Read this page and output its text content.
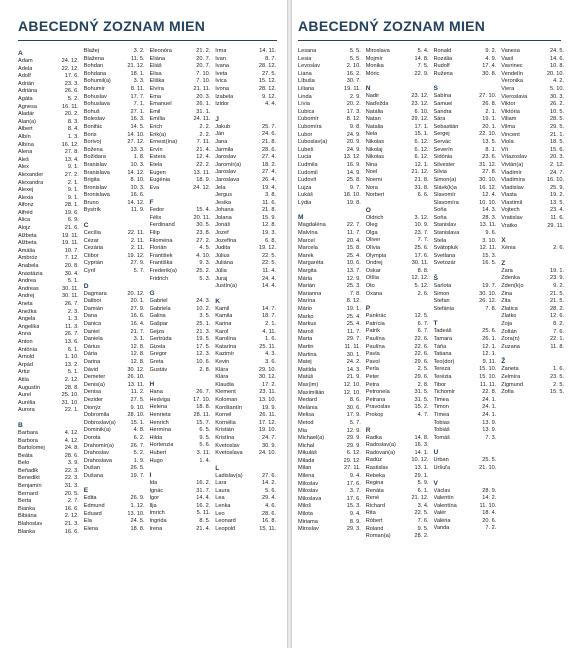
ABECEDNÝ ZOZNAM MIEN
A
Adam	24. 12.
Adela	22. 12.
Adolf	17. 6.
Adrián	23. 3.
Adriána	26. 6.
Agáta	5. 2.
Agnesa	16. 11.
Aladár	20. 2.
Alan(a)	8. 3.
Albert	8. 4.
Albín	1. 3.
Albína	16. 12.
Alena	27. 8.
Aleš	13. 4.
Alex	9. 1.
Alexander	27. 2.
Alexandra	2. 1.
Alexej	9. 1.
Alexia	9. 1.
Alfonz	28. 1.
Alfréd	19. 6.
Alica	6. 9.
Alojz	21. 6.
Alžbeta	19. 11.
Alžbeta	19. 11.
Amália	10. 7.
Ambróz	7. 12.
Anabela	20. 8.
Anastázia	30. 4.
Andrea	5. 1.
Andreas	30. 11.
Andrej	30. 11.
Aneta	26. 7.
Anežka	2. 3.
Angela	1. 3.
Angelika	11. 3.
Anna	26. 7.
Anton	13. 6.
Antónia	6. 1.
Arnold	1. 10.
Arpád	13. 2.
Artur	5. 1.
Atila	2. 12.
Augustín	28. 8.
Aurel	25. 10.
Aurélia	31. 10.
Aurora	22. 1.
B
Barbara	4. 12.
Barbora	4. 12.
Bartolomej	24. 8.
Beáta	28. 6.
Belo	3. 9.
Beňadik	22. 3.
Benedikt	22. 3.
Benjamín	31. 3.
Bernard	20. 5.
Berta	2. 7.
Bianka	16. 6.
Bibiána	2. 12.
Blahoslav	21. 3.
Blanka	16. 6.
Blažej	3. 2.
Blažena	11. 5.
Bohdan	21. 12.
Bohdana	18. 1.
Bohumil(a)	3. 3.
Bohumír	8. 11.
Bohuslav	17. 7.
Bohuslava	7. 1.
Bohuš	27. 1.
Boleslav	16. 3.
Bonifác	14. 5.
Boris	14. 10.
Borivoj	27. 12.
Božena	13. 3.
Božidara	1. 8.
Branislav	10. 3.
Branislava	14. 12.
Brigita	8. 10.
Bronislav	10. 3.
Bronislava	16. 6.
Bruno	14. 12.
Bystrík	11. 9.
C
Cecília	22. 11.
Cézar	2. 11.
Cezária	2. 11.
Ctibor	19. 12.
Cyprián	27. 9.
Cyril	5. 7.
D
Dagmara	20. 12.
Dalibor	20. 1.
Damián	27. 9.
Dana	16. 6.
Danica	16. 4.
Daniel	21. 7.
Daniela	3. 1.
Dárius	12. 8.
Dária	12. 8.
Darina	12. 8.
Dávid	30. 12.
Demeter	26. 10.
Denis(a)	13. 11.
Denisa	11. 2.
Dezider	27. 5.
Dionýz	9. 10.
Dobromila	28. 10.
Dobroslav(a)	15. 1.
Dominik(a)	4. 8.
Dorota	6. 2.
Drahomír(a)	26. 7.
Drahoslav	5. 2.
Drahoslava	1. 9.
Dušan	26. 5.
Dušana	19. 7.
E
Edita	26. 9.
Edmund	1. 12.
Eduard	13. 10.
Ela	24. 5.
Elena	18. 8.
Eleonóra	21. 2.
Eliána	20. 7.
Eliáš	20. 7.
Elisa	7. 10.
Eliška	7. 10.
Elvíra	21. 11.
Ema	20. 3.
Emanuel	26. 1.
Emil	31. 1.
Emília	24. 11.
Erich	2. 2.
Erik(a)	2. 2.
Ernest(ína)	7. 11.
Ervín	21. 4.
Estera	12. 4.
Etela	22. 2.
Eugen	13. 11.
Eugénia	18. 9.
Eva	24. 12.
F
Fedor	15. 4.
Félix	20. 11.
Ferdinand	30. 5.
Filip	23. 8.
Filoména	27. 2.
Florián	4. 5.
František	4. 10.
Františka	9. 3.
Frederik(a)	25. 2.
Fridrich	5. 3.
G
Gabriel	24. 3.
Gabriela	10. 2.
Galina	3. 5.
Gašpar	25. 1.
Gejza	21. 3.
Gertrúda	19. 5.
Gizela	17. 5.
Gregor	12. 3.
Greta	10. 6.
Gustáv	2. 8.
H
Hana	26. 7.
Hedviga	17. 10.
Helena	18. 8.
Henrieta	28. 11.
Henrich	15. 7.
Hermína	6. 5.
Hilda	9. 5.
Hortenzia	5. 6.
Hubert	3. 11.
Hugo	1. 4.
I
Ida	16. 2.
Ignác	31. 7.
Igor	14. 4.
Ilja	16. 2.
Imrich	5. 11.
Ingrida	8. 5.
Irena	21. 4.
Irma	14. 11.
Ivan	8. 7.
Ivana	28. 12.
Iveta	27. 5.
Ivica	15. 12.
Ivona	28. 12.
Izabela	9. 12.
Izidor	4. 4.
J
Jakub	25. 7.
Ján	24. 6.
Jana	21. 8.
Jarmila	28. 6.
Jaroslav	27. 4.
Jaromír(a)	18. 2.
Jaroslav	27. 4.
Jaroslava	26. 4.
Jela	19. 4.
Jergus	3. 8.
Jesika	11. 6.
Johana	21. 8.
Jolana	15. 9.
Jonáš	12. 8.
Jozef	19. 3.
Jozefína	6. 8.
Judita	19. 12.
Július	22. 5.
Juliána	22. 5.
Júlia	11. 4.
Juraj	24. 4.
Justín(a)	14. 4.
K
Kamil	14. 7.
Kamila	18. 7.
Karina	2. 1.
Karol	4. 11.
Karolína	1. 6.
Katarína	25. 11.
Kazimír	4. 3.
Kevin	3. 6.
Klára	29. 10.
Klára	30. 12.
Klaudia	17. 2.
Klement	23. 11.
Koloman	13. 10.
Konštantín	19. 9.
Kornel	26. 11.
Kornélia	17. 12.
Kristián	19. 10.
Kristína	24. 7.
Kvetoslav	30. 9.
Kvetoslava	24. 10.
L
Ladislav(a)	27. 6.
Lara	14. 2.
Laura	5. 6.
Lea	29. 4.
Lenka	4. 6.
Leo	28. 6.
Leonard	16. 8.
Leopold	15. 11.
ABECEDNÝ ZOZNAM MIEN
Lesana	5. 5.
Lesia	5. 5.
Levoslav	2. 10.
Liana	16. 2.
Líbuša	30. 7.
Liliana	19. 11.
Linda	2. 9.
Lívia	20. 2.
Ľubica	17. 3.
Ľubomír	8. 12.
Ľubomíra	9. 8.
Lubor	24. 9.
Ľuboslav(a)	20. 9.
Lubeš	24. 9.
Lucia	13. 12.
Ľudmila	16. 9.
Ľudomil	14. 9.
Ľudovít	25. 8.
Lujza	9. 7.
Lukáš	18. 10.
Lýdia	19. 8.
M
Magdaléna	22. 7.
Malvína	11. 7.
Marcel	20. 4.
Marcela	15. 8.
Marek	25. 4.
Margaréta	10. 6.
Margita	13. 7.
Mária	12. 9.
Marián	25. 3.
Marianna	7. 8.
Marína	8. 12.
Mário	19. 1.
Marko	25. 4.
Markus	25. 4.
Maroš	11. 7.
Marta	29. 7.
Martin	11. 11.
Martina	30. 1.
Matej	24. 2.
Matilda	14. 3.
Matúš	21. 9.
Max(im)	12. 10.
Maximilián	12. 10.
Medard	8. 6.
Melánia	30. 6.
Melisa	17. 9.
Metod	5. 7.
Mia	12. 9.
Michael(a)	29. 9.
Michal	29. 9.
Mikuláš	6. 12.
Milada	29. 12.
Milan	27. 11.
Milena	9. 4.
Miloslav	17. 6.
Miloslav	3. 7.
Miloslava	17. 6.
Miloš	15. 3.
Milota	9. 4.
Miriama	8. 9.
Miroslav	29. 3.
Miroslava	5. 4.
Mojmír	14. 8.
Monika	7. 5.
Móric	22. 9.
N
Nadir	23. 12.
Naďežda	23. 12.
Natália	6. 10.
Natan	29. 12.
Natalia	17. 1.
Nela	15. 1.
Nikolas	6. 12.
Nikolaj	6. 12.
Nikolas	6. 12.
Nina	12. 1.
Noel	21. 12.
Noemi	21. 8.
Nora	31. 8.
Norbert	6. 6.
O
Oldrich	3. 12.
Oleg	10. 9.
Olga	23. 7.
Oliver	7. 7.
Olívia	25. 6.
Olympia	17. 6.
Ondrej	30. 11.
Oskar	8. 8.
Otília	12. 12.
Oto	5. 12.
Oxana	2. 6.
P
Pankrác	12. 5.
Patrícia	6. 7.
Patrik	6. 7.
Paulína	22. 6.
Paulína	22. 6.
Pavla	22. 6.
Pavol	29. 6.
Perla	2. 5.
Peter	29. 6.
Petra	2. 8.
Petronela	31. 5.
Petrana	31. 5.
Pravoslav	15. 2.
Prokop	4. 7.
R
Radka	14. 8.
Radoslav(a)	16. 3.
Radovan(a)	14. 1.
Radúz	10. 12.
Rastislav	13. 1.
Rebeka	29. 1.
Regina	5. 9.
Renáta	6. 1.
René	21. 12.
Richard	3. 4.
Rita	22. 5.
Róbert	7. 6.
Roland	9. 5.
Roman(a)	28. 2.
Ronald	9. 2.
Rozália	4. 9.
Rudolf	17. 4.
Ružena	30. 8.
S
Sabína	27. 10.
Samuel	26. 8.
Sandra	2. 1.
Sára	19. 1.
Sebastián	20. 1.
Sergej	22. 10.
Servác	13. 5.
Severín	8. 1.
Sidónia	23. 6.
Silvester	31. 12.
Silvia	27. 8.
Simon(a)	30. 10.
Slávk(k)a	16. 12.
Slavomír	12. 4.
Slavomíra	10. 10.
Soňa	14. 3.
Soňa	28. 3.
Stanislav	13. 11.
Stanislava	9. 6.
Stela	3. 10.
Svätopluk	12. 11.
Svetlana	15. 3.
Svetozár	16. 5.
Š
Šarlota	19. 7.
Šimon	30. 10.
Štefan	26. 12.
Štefánia	7. 8.
T
Tadeáš	25. 6.
Tamara	26. 1.
Táňa	12. 1.
Tatiana	12. 1.
Teo(dor)	9. 11.
Tereza	15. 10.
Terézia	15. 10.
Tibor	11. 11.
Tichomír	22. 8.
Timea	24. 1.
Timon	24. 1.
Tímea	24. 1.
Tobias	13. 9.
Tobiáš	13. 9.
Tomáš	7. 3.
U
Urban	25. 5.
Uršuľa	21. 10.
V
Václav	28. 9.
Valentín	14. 2.
Valentína	11. 10.
Valér	18. 4.
Valéria	20. 6.
Vanda	7. 2.
Vanesa	24. 5.
Vasil	14. 6.
Vavrinec	10. 8.
Vendelín	20. 10.
Veronika	4. 2.
Viera	5. 10.
Vieroslava	30. 3.
Viktor	26. 2.
Viktória	10. 5.
Viliam	28. 5.
Vilma	29. 5.
Vincent	21. 1.
Viola	18. 5.
Vít	15. 6.
Vítazoslav	20. 3.
Vivián(a)	2. 12.
Vladimír	24. 7.
Vladimíra	16. 10.
Vladislav	25. 9.
Vlasta	19. 2.
Vlastimil	13. 5.
Vojtech	23. 4.
Vratislav	11. 6.
Vratko	29. 11.
X
Xénia	2. 6.
Z
Zara	19. 1.
Zdenka	23. 9.
Zden(k)o	9. 2.
Zina	21. 5.
Zita	21. 5.
Zlatica	28. 2.
Zlatko	12. 6.
Zoja	8. 2.
Zoltán	7. 6.
Zora(n)	22. 1.
Zuzana	11. 8.
Ž
Žaneta	1. 6.
Želmíra	23. 5.
Žigmund	2. 5.
Žofia	15. 5.
